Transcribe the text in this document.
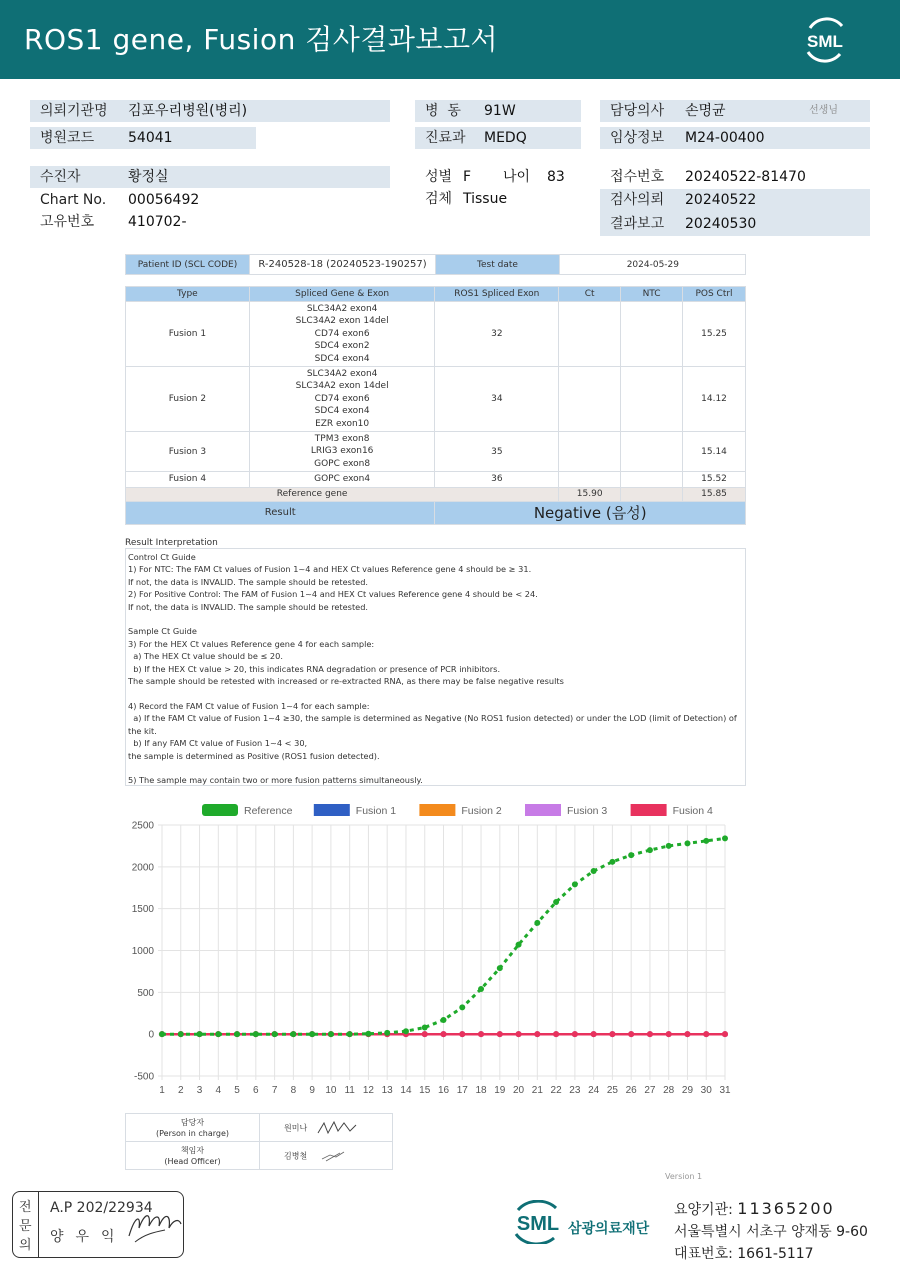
ROS1 gene, Fusion 검사결과보고서	SML
의뢰기관명 김포우리병원(병리)
병원코드 54041
병  동 91W
진료과 MEDQ
담당의사 손명균	선생님
임상정보 M24-00400
수진자	황정실
Chart No. 00056492
고유번호 410702-
성별 F 나이 83
검체 Tissue
접수번호 20240522-81470
검사의뢰 20240522
결과보고 20240530
Patient ID (SCL CODE)	R-240528-18 (20240523-190257)	Test date	2024-05-29
Type	Spliced Gene & Exon	ROS1 Spliced Exon	Ct	NTC	POS Ctrl
Fusion 1	SLC34A2 exon4
SLC34A2 exon 14del
CD74 exon6
SDC4 exon2
SDC4 exon4	32			15.25
Fusion 2	SLC34A2 exon4
SLC34A2 exon 14del
CD74 exon6
SDC4 exon4
EZR exon10	34			14.12
Fusion 3	TPM3 exon8
LRIG3 exon16
GOPC exon8	35			15.14
Fusion 4	GOPC exon4	36			15.52
Reference gene			15.90		15.85
Result		Negative (음성)			
Result Interpretation
Control Ct Guide
1) For NTC: The FAM Ct values of Fusion 1~4 and HEX Ct values Reference gene 4 should be ≥ 31.
If not, the data is INVALID. The sample should be retested.
2) For Positive Control: The FAM of Fusion 1~4 and HEX Ct values Reference gene 4 should be < 24.
If not, the data is INVALID. The sample should be retested.

Sample Ct Guide
3) For the HEX Ct values Reference gene 4 for each sample:
a) The HEX Ct value should be ≤ 20.
b) If the HEX Ct value > 20, this indicates RNA degradation or presence of PCR inhibitors.
The sample should be retested with increased or re-extracted RNA, as there may be false negative results

4) Record the FAM Ct value of Fusion 1~4 for each sample:
a) If the FAM Ct value of Fusion 1~4 ≥30, the sample is determined as Negative (No ROS1 fusion detected) or under the LOD (limit of Detection) of
the kit.
b) If any FAM Ct value of Fusion 1~4 < 30,
the sample is determined as Positive (ROS1 fusion detected).

5) The sample may contain two or more fusion patterns simultaneously.
1 2 3 4 5 6 7 8 9 10 11 12 13 14 15 16 17 18 19 20 21 22 23 24 25 26 27 28 29 30 31
-500
0
500
1000
1500
2000
2500
Reference	Fusion 1	Fusion 2	Fusion 3	Fusion 4
담당자
(Person in charge)	원미나

책임자
(Head Officer)	김병철
Version 1
전
문
의
A.P 202/22934
양우익
SML 삼광의료재단
요양기관: 11365200
서울특별시 서초구 양재동 9-60
대표번호: 1661-5117
